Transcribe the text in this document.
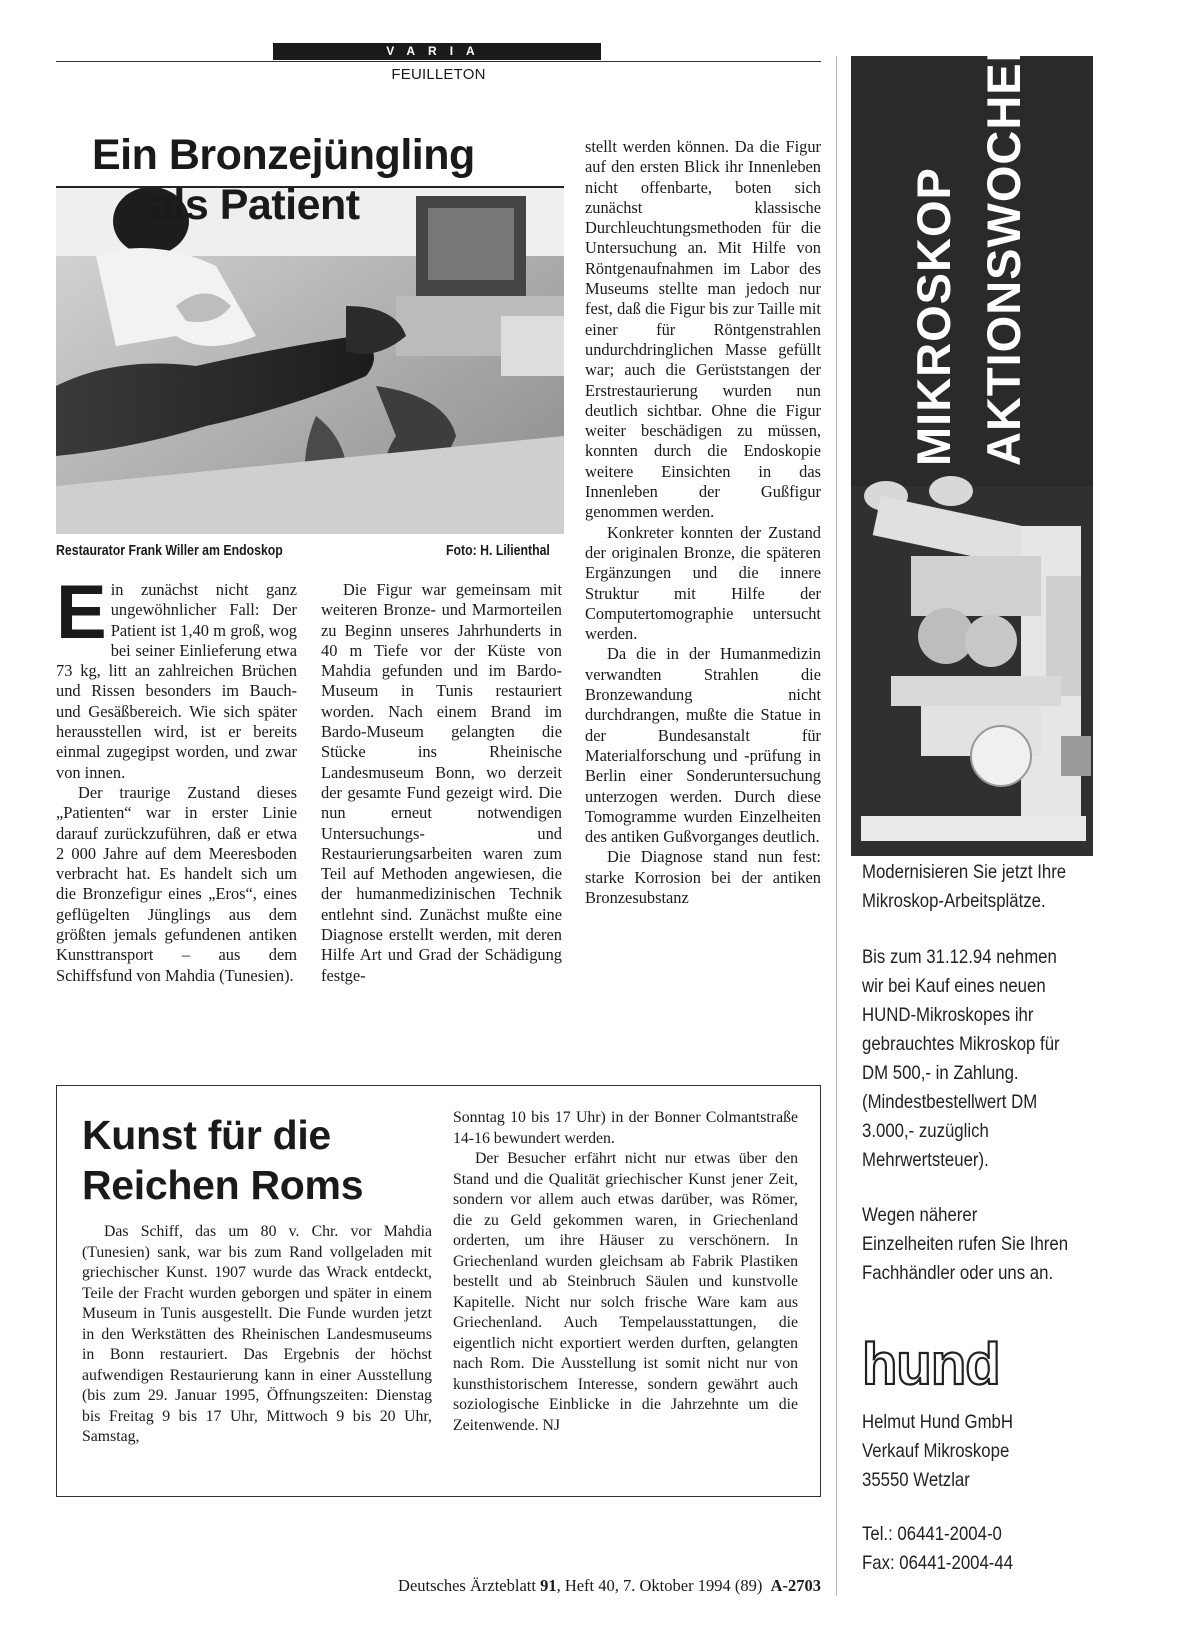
VARIA
FEUILLETON
Ein Bronzejüngling
als Patient
Restaurator Frank Willer am Endoskop	Foto: H. Lilienthal

Ein zunächst nicht ganz ungewöhnlicher Fall: Der Patient ist 1,40 m groß, wog bei seiner Einlieferung etwa 73 kg, litt an zahlreichen Brüchen und Rissen besonders im Bauch- und Gesäßbereich. Wie sich später herausstellen wird, ist er bereits einmal zugegipst worden, und zwar von innen.

Der traurige Zustand dieses „Patienten“ war in erster Linie darauf zurückzuführen, daß er etwa 2 000 Jahre auf dem Meeresboden verbracht hat. Es handelt sich um die Bronzefigur eines „Eros“, eines geflügelten Jünglings aus dem größten jemals gefundenen antiken Kunsttransport – aus dem Schiffsfund von Mahdia (Tunesien).

Die Figur war gemeinsam mit weiteren Bronze- und Marmorteilen zu Beginn unseres Jahrhunderts in 40 m Tiefe vor der Küste von Mahdia gefunden und im Bardo-Museum in Tunis restauriert worden. Nach einem Brand im Bardo-Museum gelangten die Stücke ins Rheinische Landesmuseum Bonn, wo derzeit der gesamte Fund gezeigt wird. Die nun erneut notwendigen Untersuchungs- und Restaurierungsarbeiten waren zum Teil auf Methoden angewiesen, die der humanmedizinischen Technik entlehnt sind. Zunächst mußte eine Diagnose erstellt werden, mit deren Hilfe Art und Grad der Schädigung festge-

stellt werden können. Da die Figur auf den ersten Blick ihr Innenleben nicht offenbarte, boten sich zunächst klassische Durchleuchtungsmethoden für die Untersuchung an. Mit Hilfe von Röntgenaufnahmen im Labor des Museums stellte man jedoch nur fest, daß die Figur bis zur Taille mit einer für Röntgenstrahlen undurchdringlichen Masse gefüllt war; auch die Gerüststangen der Erstrestaurierung wurden nun deutlich sichtbar. Ohne die Figur weiter beschädigen zu müssen, konnten durch die Endoskopie weitere Einsichten in das Innenleben der Gußfigur genommen werden.

Konkreter konnten der Zustand der originalen Bronze, die späteren Ergänzungen und die innere Struktur mit Hilfe der Computertomographie untersucht werden.

Da die in der Humanmedizin verwandten Strahlen die Bronzewandung nicht durchdrangen, mußte die Statue in der Bundesanstalt für Materialforschung und -prüfung in Berlin einer Sonderuntersuchung unterzogen werden. Durch diese Tomogramme wurden Einzelheiten des antiken Gußvorganges deutlich.

Die Diagnose stand nun fest: starke Korrosion bei der antiken Bronzesubstanz

Kunst für die
Reichen Roms

Das Schiff, das um 80 v. Chr. vor Mahdia (Tunesien) sank, war bis zum Rand vollgeladen mit griechischer Kunst. 1907 wurde das Wrack entdeckt, Teile der Fracht wurden geborgen und später in einem Museum in Tunis ausgestellt. Die Funde wurden jetzt in den Werkstätten des Rheinischen Landesmuseums in Bonn restauriert. Das Ergebnis der höchst aufwendigen Restaurierung kann in einer Ausstellung (bis zum 29. Januar 1995, Öffnungszeiten: Dienstag bis Freitag 9 bis 17 Uhr, Mittwoch 9 bis 20 Uhr, Samstag,

Sonntag 10 bis 17 Uhr) in der Bonner Colmantstraße 14-16 bewundert werden.

Der Besucher erfährt nicht nur etwas über den Stand und die Qualität griechischer Kunst jener Zeit, sondern vor allem auch etwas darüber, was Römer, die zu Geld gekommen waren, in Griechenland orderten, um ihre Häuser zu verschönern. In Griechenland wurden gleichsam ab Fabrik Plastiken bestellt und ab Steinbruch Säulen und kunstvolle Kapitelle. Nicht nur solch frische Ware kam aus Griechenland. Auch Tempelausstattungen, die eigentlich nicht exportiert werden durften, gelangten nach Rom. Die Ausstellung ist somit nicht nur von kunsthistorischem Interesse, sondern gewährt auch soziologische Einblicke in die Jahrzehnte um die Zeitenwende. NJ

Deutsches Ärzteblatt 91, Heft 40, 7. Oktober 1994 (89) A-2703
MIKROSKOP AKTIONSWOCHEN
Modernisieren Sie jetzt Ihre
Mikroskop-Arbeitsplätze.
Bis zum 31.12.94 nehmen
wir bei Kauf eines neuen
HUND-Mikroskopes ihr
gebrauchtes Mikroskop für
DM 500,- in Zahlung.
(Mindestbestellwert DM
3.000,- zuzüglich
Mehrwertsteuer).
Wegen näherer
Einzelheiten rufen Sie Ihren
Fachhändler oder uns an.
hund
Helmut Hund GmbH
Verkauf Mikroskope
35550 Wetzlar
Tel.: 06441-2004-0
Fax: 06441-2004-44
